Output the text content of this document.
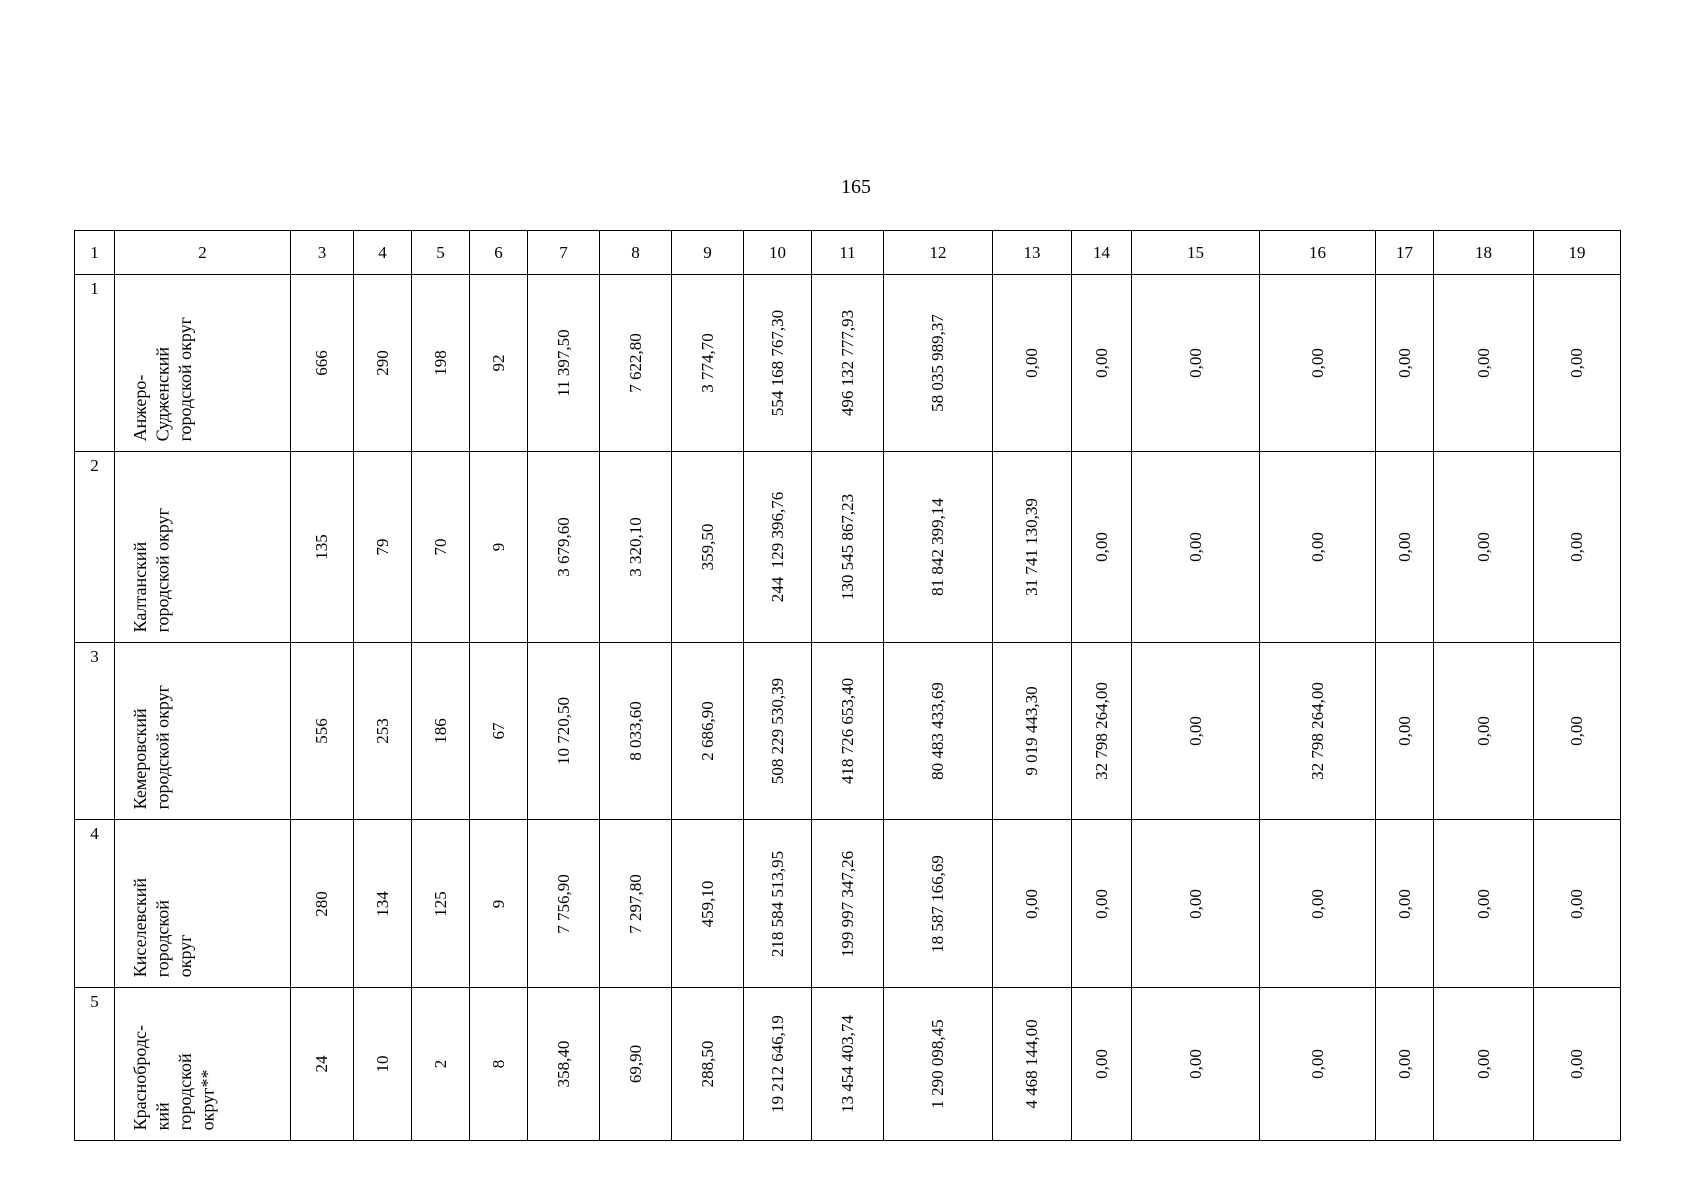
165
1	2	3	4	5	6	7	8	9	10	11	12	13	14	15	16	17	18	19
1	Анжеро-
Судженский
городской округ	666	290	198	92	11 397,50	7 622,80	3 774,70	554 168 767,30	496 132 777,93	58 035 989,37	0,00	0,00	0,00	0,00	0,00	0,00	0,00

2	Калтанский
городской округ	135	79	70	9	3 679,60	3 320,10	359,50	244  129 396,76	130 545 867,23	81 842 399,14	31 741 130,39	0,00	0,00	0,00	0,00	0,00	0,00

3	Кемеровский
городской округ	556	253	186	67	10 720,50	8 033,60	2 686,90	508 229 530,39	418 726 653,40	80 483 433,69	9 019 443,30	32 798 264,00	0,00	32 798 264,00	0,00	0,00	0,00

4	Киселевский
городской
округ	280	134	125	9	7 756,90	7 297,80	459,10	218 584 513,95	199 997 347,26	18 587 166,69	0,00	0,00	0,00	0,00	0,00	0,00	0,00

5	Краснобродс-
кий
городской
округ**	24	10	2	8	358,40	69,90	288,50	19 212 646,19	13 454 403,74	1 290 098,45	4 468 144,00	0,00	0,00	0,00	0,00	0,00	0,00
